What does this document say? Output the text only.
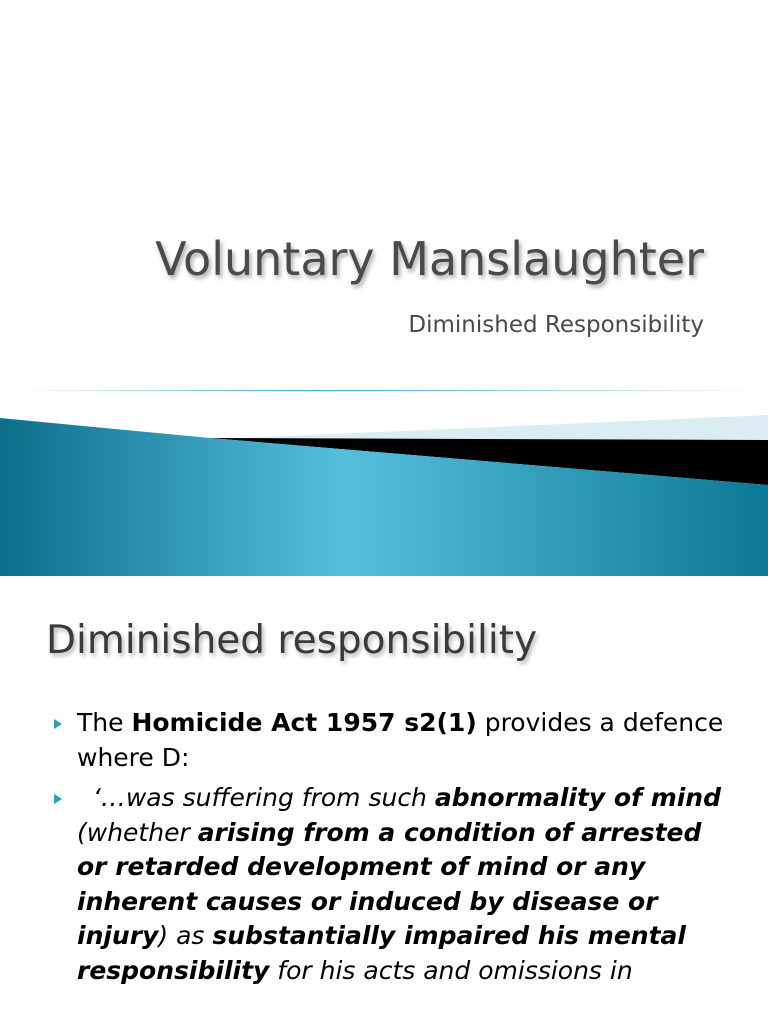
Voluntary Manslaughter
Diminished Responsibility
Diminished responsibility
The Homicide Act 1957 s2(1) provides a defence where D:
‘…was suffering from such abnormality of mind (whether arising from a condition of arrested or retarded development of mind or any inherent causes or induced by disease or injury) as substantially impaired his mental responsibility for his acts and omissions in
